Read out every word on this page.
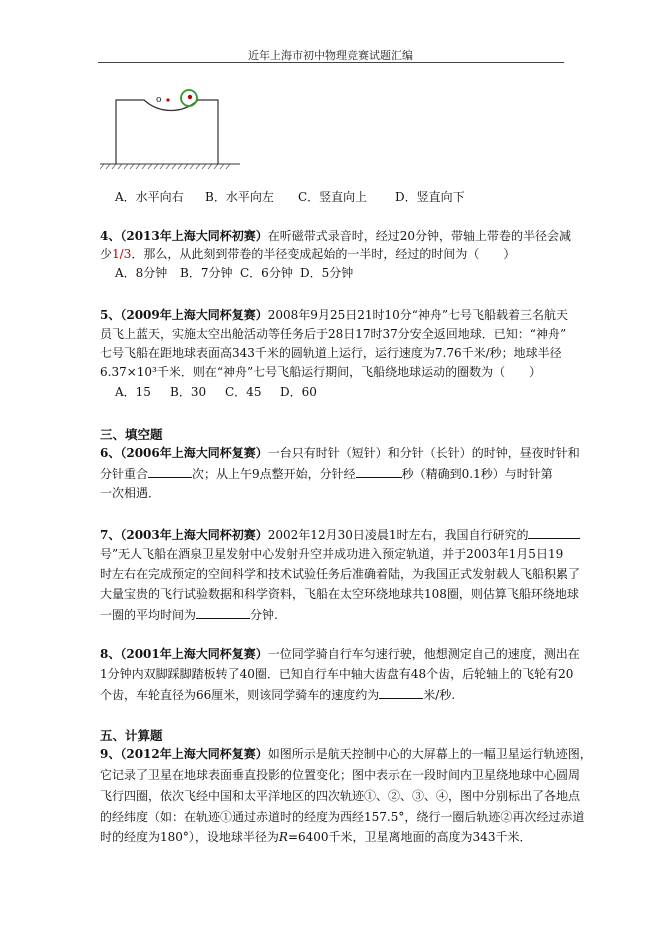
近年上海市初中物理竞赛试题汇编
o
A．水平向右 B．水平向左 C．竖直向上 D．竖直向下
4、（2013年上海大同杯初赛）在听磁带式录音时，经过20分钟，带轴上带卷的半径会减
少1/3．那么，从此刻到带卷的半径变成起始的一半时，经过的时间为（　　）
A．8分钟 B．7分钟 C．6分钟 D．5分钟
5、（2009年上海大同杯复赛）2008年9月25日21时10分“神舟”七号飞船载着三名航天
员飞上蓝天，实施太空出舱活动等任务后于28日17时37分安全返回地球．已知：“神舟”
七号飞船在距地球表面高343千米的圆轨道上运行，运行速度为7.76千米/秒；地球半径
6.37×10³千米．则在“神舟”七号飞船运行期间，飞船绕地球运动的圈数为（　　）
A．15 B．30 C．45 D．60
三、填空题
6、（2006年上海大同杯复赛）一台只有时针（短针）和分针（长针）的时钟，昼夜时针和
分针重合	次；从上午9点整开始，分针经	秒（精确到0.1秒）与时针第
一次相遇．
7、（2003年上海大同杯初赛）2002年12月30日凌晨1时左右，我国自行研究的
号”无人飞船在酒泉卫星发射中心发射升空并成功进入预定轨道，并于2003年1月5日19
时左右在完成预定的空间科学和技术试验任务后准确着陆，为我国正式发射载人飞船积累了
大量宝贵的飞行试验数据和科学资料，飞船在太空环绕地球共108圈，则估算飞船环绕地球
一圈的平均时间为	分钟.
8、（2001年上海大同杯复赛）一位同学骑自行车匀速行驶，他想测定自己的速度，测出在
1分钟内双脚踩脚踏板转了40圈．已知自行车中轴大齿盘有48个齿，后轮轴上的飞轮有20
个齿，车轮直径为66厘米，则该同学骑车的速度约为	米/秒.
五、计算题
9、（2012年上海大同杯复赛）如图所示是航天控制中心的大屏幕上的一幅卫星运行轨迹图，
它记录了卫星在地球表面垂直投影的位置变化；图中表示在一段时间内卫星绕地球中心圆周
飞行四圈，依次飞经中国和太平洋地区的四次轨迹①、②、③、④，图中分别标出了各地点
的经纬度（如：在轨迹①通过赤道时的经度为西经157.5°，绕行一圈后轨迹②再次经过赤道
时的经度为180°），设地球半径为R=6400千米，卫星离地面的高度为343千米．
